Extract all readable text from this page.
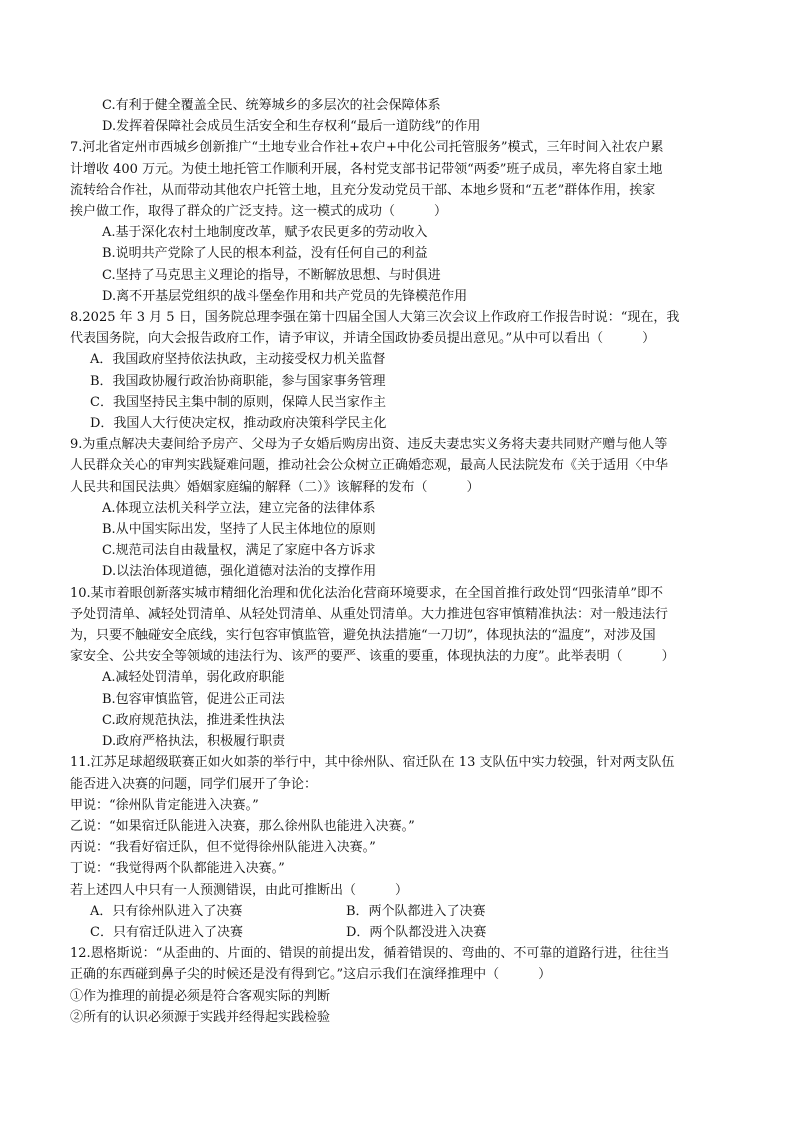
C.有利于健全覆盖全民、统筹城乡的多层次的社会保障体系
D.发挥着保障社会成员生活安全和生存权利“最后一道防线”的作用
7.河北省定州市西城乡创新推广“土地专业合作社+农户+中化公司托管服务”模式，三年时间入社农户累
计增收 400 万元。为使土地托管工作顺利开展，各村党支部书记带领“两委”班子成员，率先将自家土地
流转给合作社，从而带动其他农户托管土地，且充分发动党员干部、本地乡贤和“五老”群体作用，挨家
挨户做工作，取得了群众的广泛支持。这一模式的成功（　　　）
A.基于深化农村土地制度改革，赋予农民更多的劳动收入
B.说明共产党除了人民的根本利益，没有任何自己的利益
C.坚持了马克思主义理论的指导，不断解放思想、与时俱进
D.离不开基层党组织的战斗堡垒作用和共产党员的先锋模范作用
8.2025 年 3 月 5 日，国务院总理李强在第十四届全国人大第三次会议上作政府工作报告时说：“现在，我
代表国务院，向大会报告政府工作，请予审议，并请全国政协委员提出意见。”从中可以看出（　　　）
A．我国政府坚持依法执政，主动接受权力机关监督
B．我国政协履行政治协商职能，参与国家事务管理
C．我国坚持民主集中制的原则，保障人民当家作主
D．我国人大行使决定权，推动政府决策科学民主化
9.为重点解决夫妻间给予房产、父母为子女婚后购房出资、违反夫妻忠实义务将夫妻共同财产赠与他人等
人民群众关心的审判实践疑难问题，推动社会公众树立正确婚恋观，最高人民法院发布《关于适用〈中华
人民共和国民法典〉婚姻家庭编的解释（二）》该解释的发布（　　　）
A.体现立法机关科学立法，建立完备的法律体系
B.从中国实际出发，坚持了人民主体地位的原则
C.规范司法自由裁量权，满足了家庭中各方诉求
D.以法治体现道德，强化道德对法治的支撑作用
10.某市着眼创新落实城市精细化治理和优化法治化营商环境要求，在全国首推行政处罚“四张清单”即不
予处罚清单、减轻处罚清单、从轻处罚清单、从重处罚清单。大力推进包容审慎精准执法：对一般违法行
为，只要不触碰安全底线，实行包容审慎监管，避免执法措施“一刀切”，体现执法的“温度”，对涉及国
家安全、公共安全等领域的违法行为、该严的要严、该重的要重，体现执法的力度”。此举表明（　　　）
A.减轻处罚清单，弱化政府职能
B.包容审慎监管，促进公正司法
C.政府规范执法，推进柔性执法
D.政府严格执法，积极履行职责
11.江苏足球超级联赛正如火如荼的举行中，其中徐州队、宿迁队在 13 支队伍中实力较强，针对两支队伍
能否进入决赛的问题，同学们展开了争论：
甲说：“徐州队肯定能进入决赛。”
乙说：“如果宿迁队能进入决赛，那么徐州队也能进入决赛。”
丙说：“我看好宿迁队，但不觉得徐州队能进入决赛。”
丁说：“我觉得两个队都能进入决赛。”
若上述四人中只有一人预测错误，由此可推断出（　　　）
A．只有徐州队进入了决赛	B．两个队都进入了决赛
C．只有宿迁队进入了决赛	D．两个队都没进入决赛
12.恩格斯说：“从歪曲的、片面的、错误的前提出发，循着错误的、弯曲的、不可靠的道路行进，往往当
正确的东西碰到鼻子尖的时候还是没有得到它。”这启示我们在演绎推理中（　　　）
①作为推理的前提必须是符合客观实际的判断
②所有的认识必须源于实践并经得起实践检验
